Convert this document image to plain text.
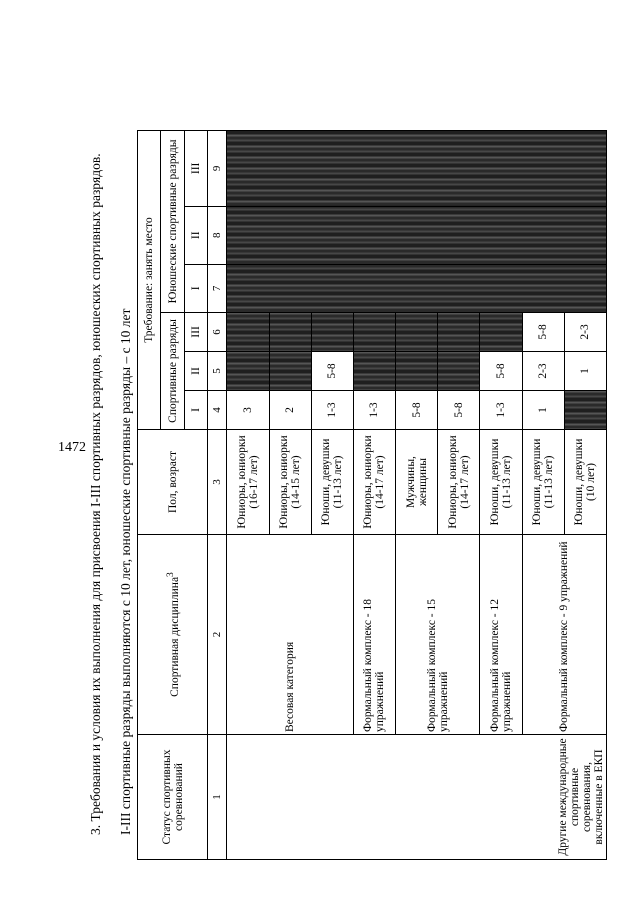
1472 3. Требования и условия их выполнения для присвоения I-III спортивных разрядов, юношеских спортивных разрядов. I-III спортивные разряды выполняются с 10 лет, юношеские спортивные разряды – с 10 лет Статус спортивных соревнований	Спортивная дисциплина$^3$	Пол, возраст	Требование: занять место					
			Спортивные разряды			Юношеские спортивные разряды		
			I	II	III	I	II	III
1	2	3	4	5	6	7	8	9
Другие международные спортивные соревнования, включенные в ЕКП	Весовая категория	Юниоры, юниорки (16-17 лет)	3					
		Юниоры, юниорки (14-15 лет)	2					
		Юноши, девушки (11-13 лет)	1-3	5-8				
	Формальный комплекс - 18 упражнений	Юниоры, юниорки (14-17 лет)	1-3					
	Формальный комплекс - 15 упражнений	Мужчины, женщины	5-8					
		Юниоры, юниорки (14-17 лет)	5-8					
	Формальный комплекс - 12 упражнений	Юноши, девушки (11-13 лет)	1-3	5-8				
	Формальный комплекс - 9 упражнений	Юноши, девушки (11-13 лет)	1	2-3	5-8			
		Юноши, девушки (10 лет)		1	2-3			
